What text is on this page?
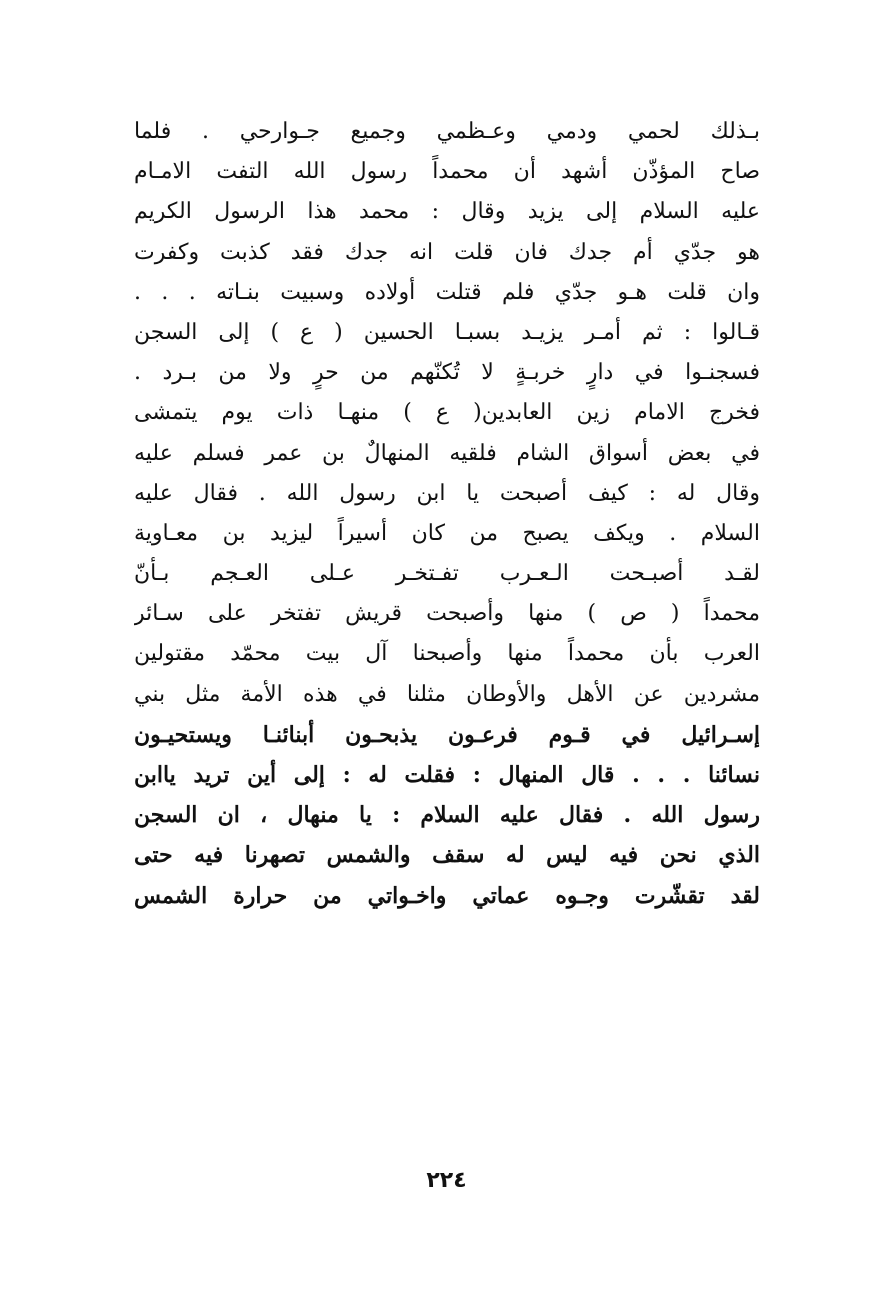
بـذلك لحمي ودمي وعـظمي وجميع جـوارحي . فلما
صاح المؤذّن أشهد أن محمداً رسول الله التفت الامـام
عليه السلام إلى يزيد وقال : محمد هذا الرسول الكريم
هو جدّي أم جدك فان قلت انه جدك فقد كذبت وكفرت
وان قلت هـو جدّي فلم قتلت أولاده وسبيت بنـاته . . .
قـالوا : ثم أمـر يزيـد بسبـا الحسين ( ع ) إلى السجن
فسجنـوا في دارٍ خربـةٍ لا تُكنّهم من حرٍ ولا من بـرد .
فخرج الامام زين العابدين( ع ) منهـا ذات يوم يتمشى
في بعض أسواق الشام فلقيه المنهالٌ بن عمر فسلم عليه
وقال له : كيف أصبحت يا ابن رسول الله . فقال عليه
السلام . ويكف يصبح من كان أسيراً ليزيد بن معـاوية
لقـد أصبـحت الـعـرب تفـتخـر عـلى العـجم بـأنّ
محمداً ( ص ) منها وأصبحت قريش تفتخر على سـائر
العرب بأن محمداً منها وأصبحنا آل بيت محمّد مقتولين
مشردين عن الأهل والأوطان مثلنا في هذه الأمة مثل بني
إسـرائيل في قـوم فرعـون يذبحـون أبنائنـا ويستحيـون
نسائنا . . . قال المنهال : فقلت له : إلى أين تريد ياابن
رسول الله . فقال عليه السلام : يا منهال ، ان السجن
الذي نحن فيه ليس له سقف والشمس تصهرنا فيه حتى
لقد تقشّرت وجـوه عماتي واخـواتي من حرارة الشمس
٢٢٤
